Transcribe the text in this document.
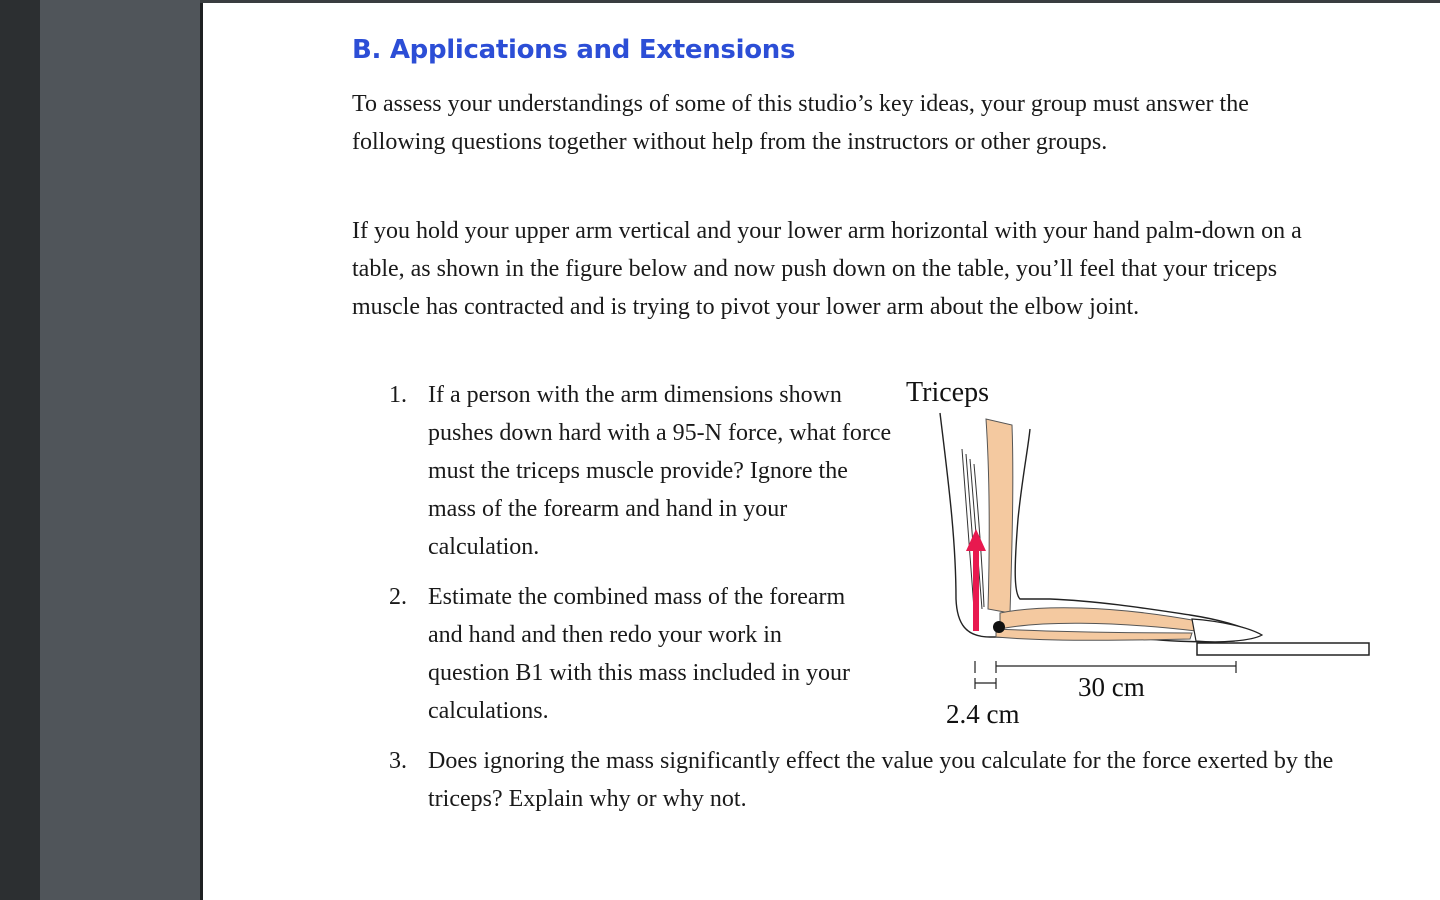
B. Applications and Extensions

To assess your understandings of some of this studio’s key ideas, your group must answer the following questions together without help from the instructors or other groups.

If you hold your upper arm vertical and your lower arm horizontal with your hand palm-down on a table, as shown in the figure below and now push down on the table, you’ll feel that your triceps muscle has contracted and is trying to pivot your lower arm about the elbow joint.

1. If a person with the arm dimensions shown pushes down hard with a 95-N force, what force must the triceps muscle provide? Ignore the mass of the forearm and hand in your calculation.

2. Estimate the combined mass of the forearm and hand and then redo your work in question B1 with this mass included in your calculations.

3. Does ignoring the mass significantly effect the value you calculate for the force exerted by the triceps? Explain why or why not.

Triceps
30 cm
2.4 cm
